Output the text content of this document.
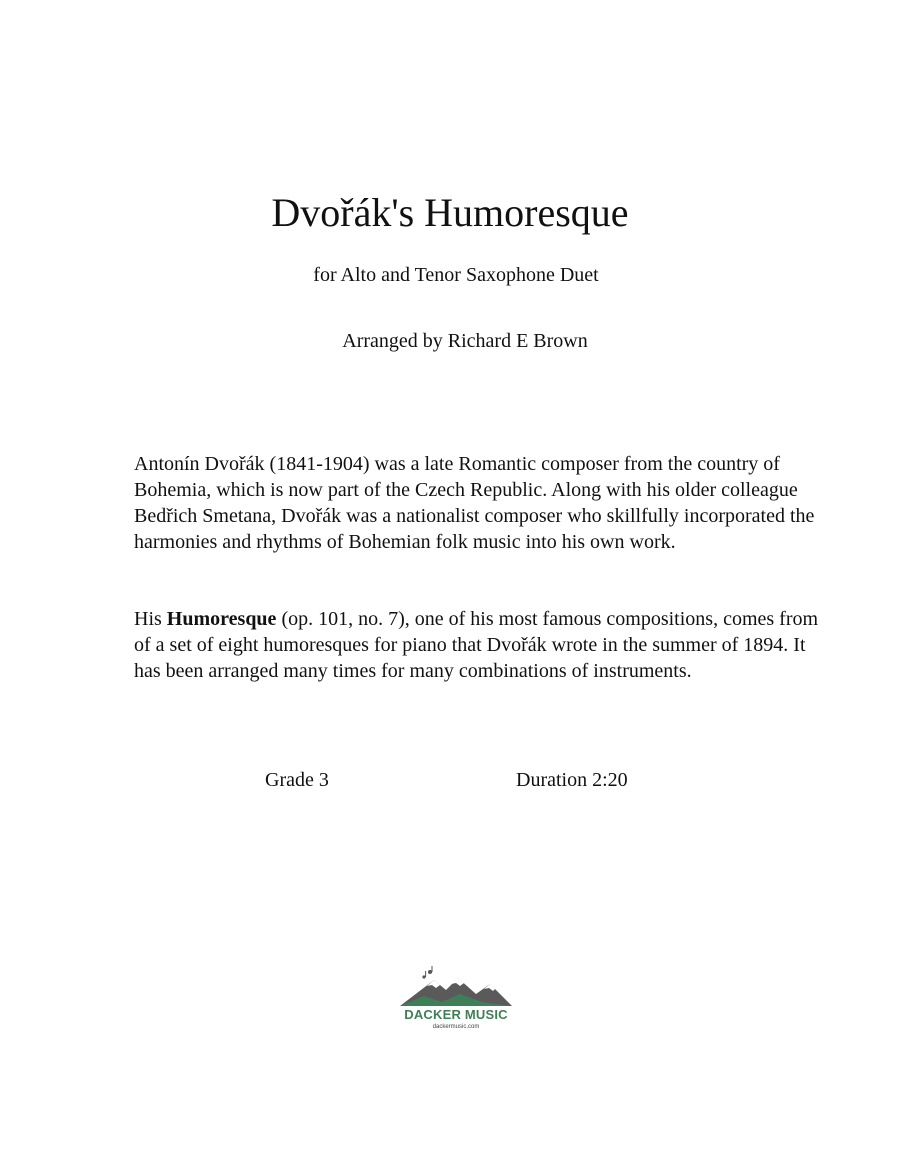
Dvořák's Humoresque

for Alto and Tenor Saxophone Duet

Arranged by Richard E Brown

Antonín Dvořák (1841-1904) was a late Romantic composer from the country of Bohemia, which is now part of the Czech Republic. Along with his older colleague Bedřich Smetana, Dvořák was a nationalist composer who skillfully incorporated the harmonies and rhythms of Bohemian folk music into his own work.

His Humoresque (op. 101, no. 7), one of his most famous compositions, comes from of a set of eight humoresques for piano that Dvořák wrote in the summer of 1894. It has been arranged many times for many combinations of instruments.

Grade 3	Duration 2:20

DACKER MUSIC
dackermusic.com
